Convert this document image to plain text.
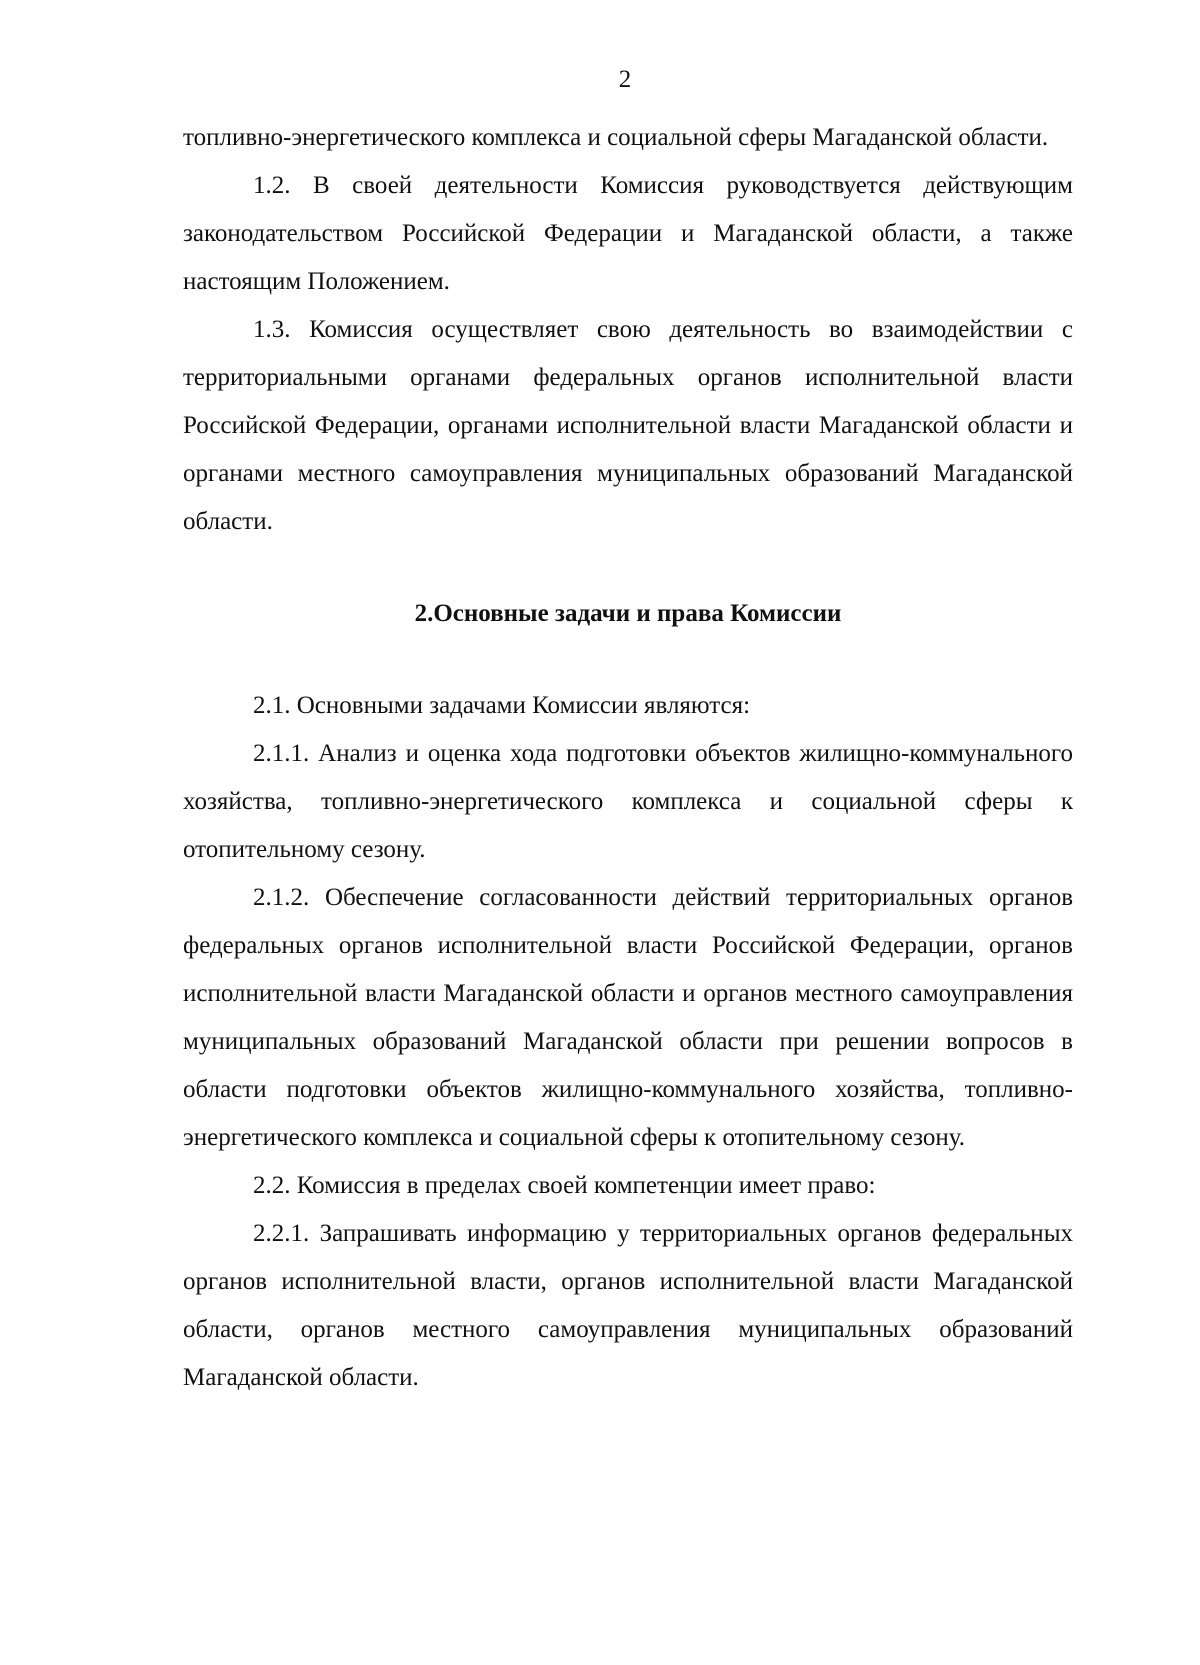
2

топливно-энергетического комплекса и социальной сферы Магаданской области.

1.2. В своей деятельности Комиссия руководствуется действующим законодательством Российской Федерации и Магаданской области, а также настоящим Положением.

1.3. Комиссия осуществляет свою деятельность во взаимодействии с территориальными органами федеральных органов исполнительной власти Российской Федерации, органами исполнительной власти Магаданской области и органами местного самоуправления муниципальных образований Магаданской области.

2.Основные задачи и права Комиссии

2.1. Основными задачами Комиссии являются:

2.1.1. Анализ и оценка хода подготовки объектов жилищно-коммунального хозяйства, топливно-энергетического комплекса и социальной сферы к отопительному сезону.

2.1.2. Обеспечение согласованности действий территориальных органов федеральных органов исполнительной власти Российской Федерации, органов исполнительной власти Магаданской области и органов местного самоуправления муниципальных образований Магаданской области при решении вопросов в области подготовки объектов жилищно-коммунального хозяйства, топливно-энергетического комплекса и социальной сферы к отопительному сезону.

2.2. Комиссия в пределах своей компетенции имеет право:

2.2.1. Запрашивать информацию у территориальных органов федеральных органов исполнительной власти, органов исполнительной власти Магаданской области, органов местного самоуправления муниципальных образований Магаданской области.
